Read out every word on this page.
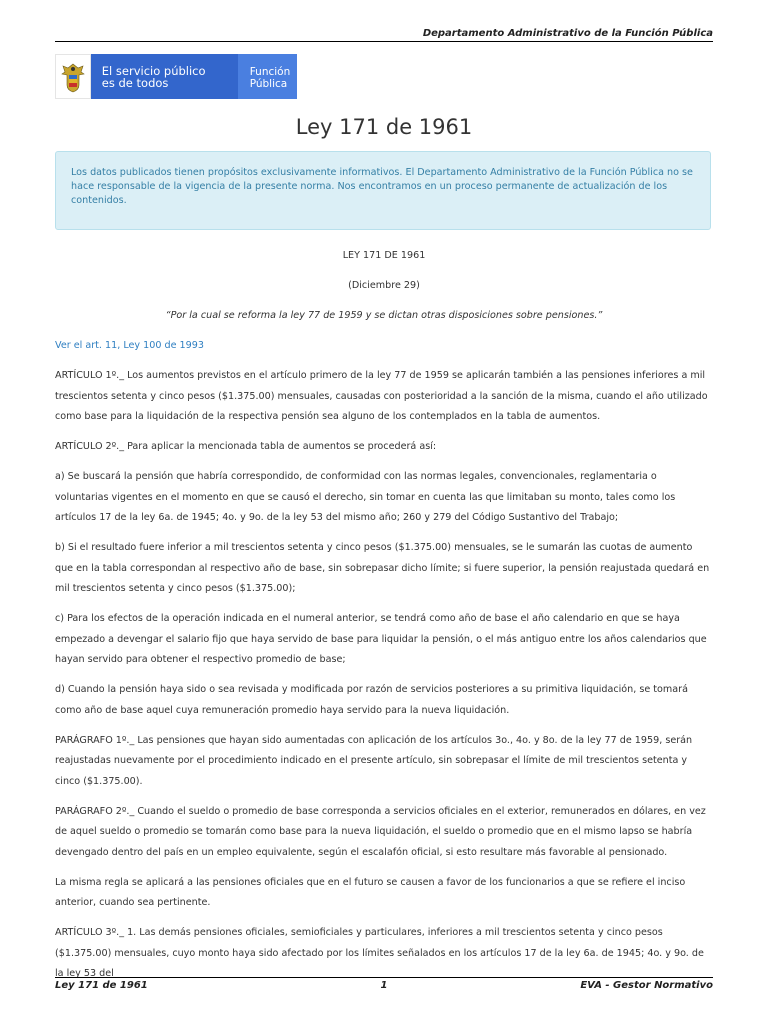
Departamento Administrativo de la Función Pública
El servicio público
es de todos
Función
Pública
Ley 171 de 1961
Los datos publicados tienen propósitos exclusivamente informativos. El Departamento Administrativo de la Función Pública no se hace responsable de la vigencia de la presente norma. Nos encontramos en un proceso permanente de actualización de los contenidos.

LEY 171 DE 1961

(Diciembre 29)

“Por la cual se reforma la ley 77 de 1959 y se dictan otras disposiciones sobre pensiones.”

Ver el art. 11, Ley 100 de 1993

ARTÍCULO 1º._ Los aumentos previstos en el artículo primero de la ley 77 de 1959 se aplicarán también a las pensiones inferiores a mil trescientos setenta y cinco pesos ($1.375.00) mensuales, causadas con posterioridad a la sanción de la misma, cuando el año utilizado como base para la liquidación de la respectiva pensión sea alguno de los contemplados en la tabla de aumentos.

ARTÍCULO 2º._ Para aplicar la mencionada tabla de aumentos se procederá así:

a) Se buscará la pensión que habría correspondido, de conformidad con las normas legales, convencionales, reglamentaria o voluntarias vigentes en el momento en que se causó el derecho, sin tomar en cuenta las que limitaban su monto, tales como los artículos 17 de la ley 6a. de 1945; 4o. y 9o. de la ley 53 del mismo año; 260 y 279 del Código Sustantivo del Trabajo;

b) Si el resultado fuere inferior a mil trescientos setenta y cinco pesos ($1.375.00) mensuales, se le sumarán las cuotas de aumento que en la tabla correspondan al respectivo año de base, sin sobrepasar dicho límite; si fuere superior, la pensión reajustada quedará en mil trescientos setenta y cinco pesos ($1.375.00);

c) Para los efectos de la operación indicada en el numeral anterior, se tendrá como año de base el año calendario en que se haya empezado a devengar el salario fijo que haya servido de base para liquidar la pensión, o el más antiguo entre los años calendarios que hayan servido para obtener el respectivo promedio de base;

d) Cuando la pensión haya sido o sea revisada y modificada por razón de servicios posteriores a su primitiva liquidación, se tomará como año de base aquel cuya remuneración promedio haya servido para la nueva liquidación.

PARÁGRAFO 1º._ Las pensiones que hayan sido aumentadas con aplicación de los artículos 3o., 4o. y 8o. de la ley 77 de 1959, serán reajustadas nuevamente por el procedimiento indicado en el presente artículo, sin sobrepasar el límite de mil trescientos setenta y cinco ($1.375.00).

PARÁGRAFO 2º._ Cuando el sueldo o promedio de base corresponda a servicios oficiales en el exterior, remunerados en dólares, en vez de aquel sueldo o promedio se tomarán como base para la nueva liquidación, el sueldo o promedio que en el mismo lapso se habría devengado dentro del país en un empleo equivalente, según el escalafón oficial, si esto resultare más favorable al pensionado.

La misma regla se aplicará a las pensiones oficiales que en el futuro se causen a favor de los funcionarios a que se refiere el inciso anterior, cuando sea pertinente.

ARTÍCULO 3º._ 1. Las demás pensiones oficiales, semioficiales y particulares, inferiores a mil trescientos setenta y cinco pesos ($1.375.00) mensuales, cuyo monto haya sido afectado por los límites señalados en los artículos 17 de la ley 6a. de 1945; 4o. y 9o. de la ley 53 del

Ley 171 de 1961	1	EVA - Gestor Normativo
